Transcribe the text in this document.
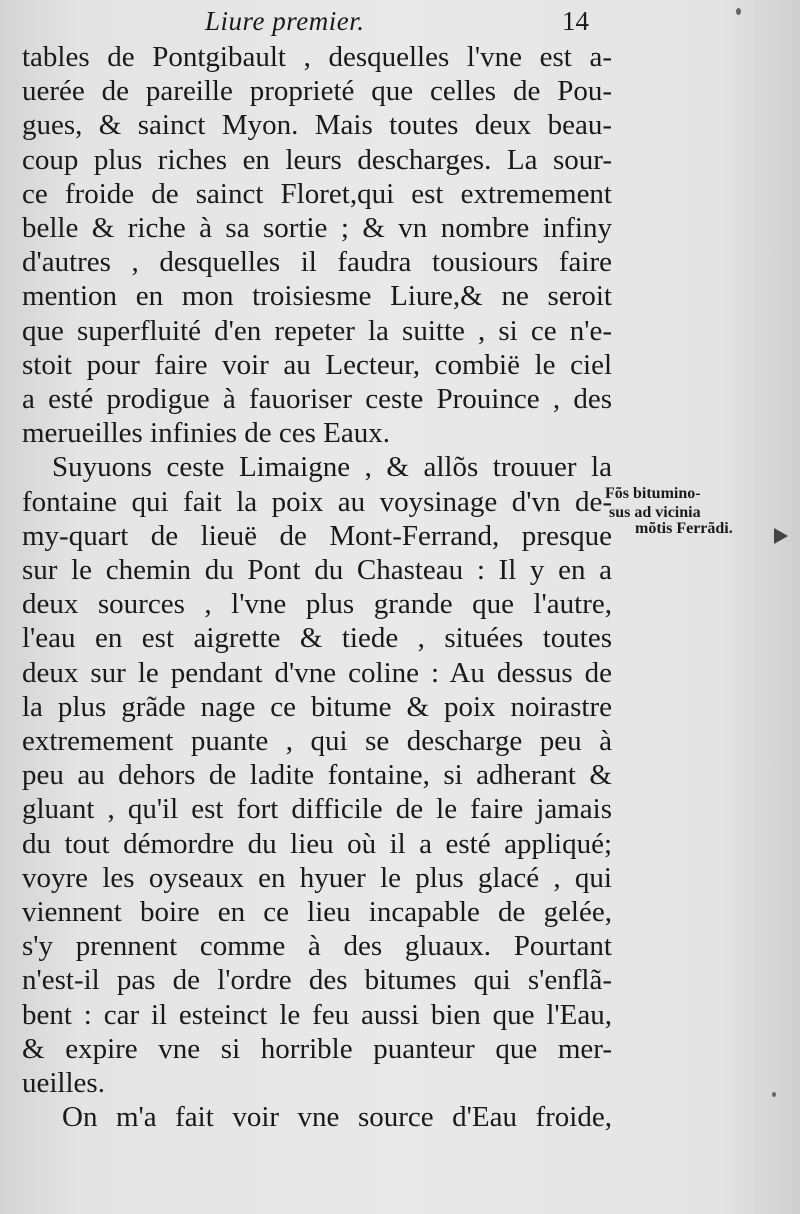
Liure premier.	14
tables de Pontgibault , desquelles l'vne est a-
uerée de pareille proprieté que celles de Pou-
gues, & sainct Myon. Mais toutes deux beau-
coup plus riches en leurs descharges. La sour-
ce froide de sainct Floret,qui est extremement
belle & riche à sa sortie ; & vn nombre infiny
d'autres , desquelles il faudra tousiours faire
mention en mon troisiesme Liure,& ne seroit
que superfluité d'en repeter la suitte , si ce n'e-
stoit pour faire voir au Lecteur, combië le ciel
a esté prodigue à fauoriser ceste Prouince , des
merueilles infinies de ces Eaux.
Suyuons ceste Limaigne , & allõs trouuer la
fontaine qui fait la poix au voysinage d'vn de-
my-quart de lieuë de Mont-Ferrand, presque
sur le chemin du Pont du Chasteau : Il y en a
deux sources , l'vne plus grande que l'autre,
l'eau en est aigrette & tiede , situées toutes
deux sur le pendant d'vne coline : Au dessus de
la plus grãde nage ce bitume & poix noirastre
extremement puante , qui se descharge peu à
peu au dehors de ladite fontaine, si adherant &
gluant , qu'il est fort difficile de le faire jamais
du tout démordre du lieu où il a esté appliqué;
voyre les oyseaux en hyuer le plus glacé , qui
viennent boire en ce lieu incapable de gelée,
s'y prennent comme à des gluaux. Pourtant
n'est-il pas de l'ordre des bitumes qui s'enflã-
bent : car il esteinct le feu aussi bien que l'Eau,
& expire vne si horrible puanteur que mer-
ueilles.
On m'a fait voir vne source d'Eau froide,
Fõs bitumino-
sus ad vicinia
mõtis Ferrãdi.
